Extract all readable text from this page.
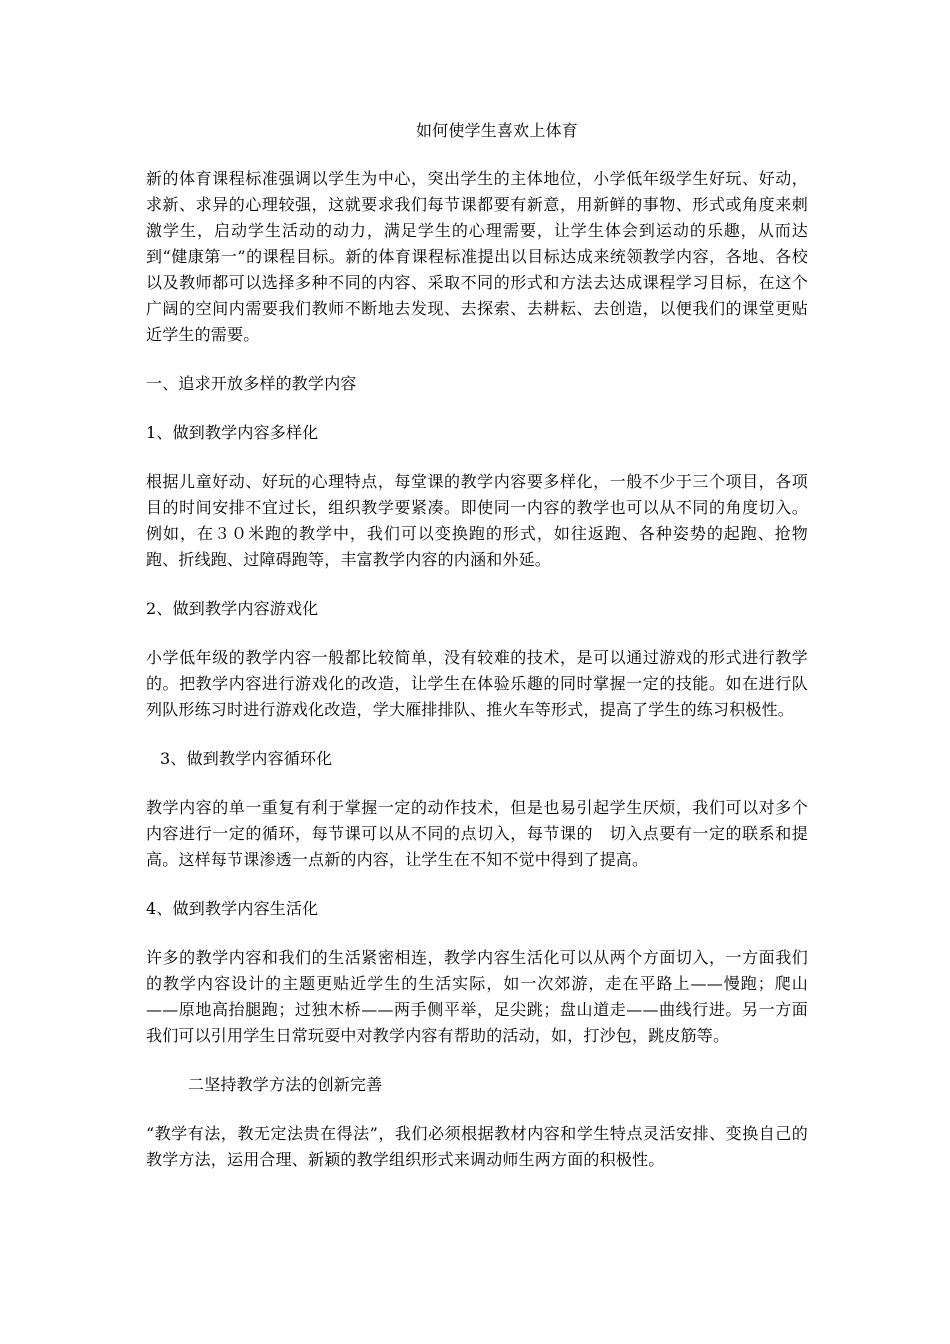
如何使学生喜欢上体育

新的体育课程标准强调以学生为中心，突出学生的主体地位，小学低年级学生好玩、好动，求新、求异的心理较强，这就要求我们每节课都要有新意，用新鲜的事物、形式或角度来刺激学生，启动学生活动的动力，满足学生的心理需要，让学生体会到运动的乐趣，从而达到“健康第一”的课程目标。新的体育课程标准提出以目标达成来统领教学内容，各地、各校以及教师都可以选择多种不同的内容、采取不同的形式和方法去达成课程学习目标，在这个广阔的空间内需要我们教师不断地去发现、去探索、去耕耘、去创造，以便我们的课堂更贴近学生的需要。

一、追求开放多样的教学内容

1、做到教学内容多样化

根据儿童好动、好玩的心理特点，每堂课的教学内容要多样化，一般不少于三个项目，各项目的时间安排不宜过长，组织教学要紧凑。即使同一内容的教学也可以从不同的角度切入。例如，在３０米跑的教学中，我们可以变换跑的形式，如往返跑、各种姿势的起跑、抢物跑、折线跑、过障碍跑等，丰富教学内容的内涵和外延。

2、做到教学内容游戏化

小学低年级的教学内容一般都比较简单，没有较难的技术，是可以通过游戏的形式进行教学的。把教学内容进行游戏化的改造，让学生在体验乐趣的同时掌握一定的技能。如在进行队列队形练习时进行游戏化改造，学大雁排排队、推火车等形式，提高了学生的练习积极性。

3、做到教学内容循环化

教学内容的单一重复有利于掌握一定的动作技术，但是也易引起学生厌烦，我们可以对多个内容进行一定的循环，每节课可以从不同的点切入，每节课的　切入点要有一定的联系和提高。这样每节课渗透一点新的内容，让学生在不知不觉中得到了提高。

4、做到教学内容生活化

许多的教学内容和我们的生活紧密相连，教学内容生活化可以从两个方面切入，一方面我们的教学内容设计的主题更贴近学生的生活实际，如一次郊游，走在平路上——慢跑；爬山——原地高抬腿跑；过独木桥——两手侧平举，足尖跳；盘山道走——曲线行进。另一方面我们可以引用学生日常玩耍中对教学内容有帮助的活动，如，打沙包，跳皮筋等。

二坚持教学方法的创新完善

“教学有法，教无定法贵在得法”，我们必须根据教材内容和学生特点灵活安排、变换自己的教学方法，运用合理、新颖的教学组织形式来调动师生两方面的积极性。
